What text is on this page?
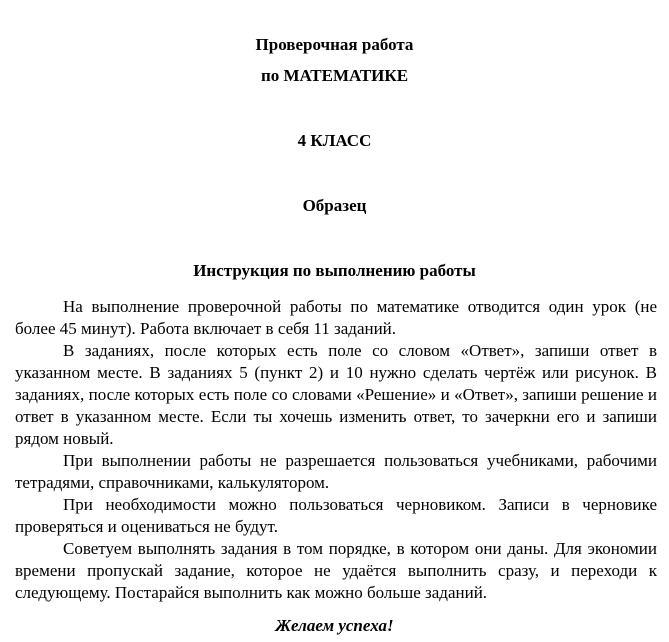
Проверочная работа
по МАТЕМАТИКЕ
4 КЛАСС
Образец
Инструкция по выполнению работы

На выполнение проверочной работы по математике отводится один урок (не более 45 минут). Работа включает в себя 11 заданий.

В заданиях, после которых есть поле со словом «Ответ», запиши ответ в указанном месте. В заданиях 5 (пункт 2) и 10 нужно сделать чертёж или рисунок. В заданиях, после которых есть поле со словами «Решение» и «Ответ», запиши решение и ответ в указанном месте. Если ты хочешь изменить ответ, то зачеркни его и запиши рядом новый.

При выполнении работы не разрешается пользоваться учебниками, рабочими тетрадями, справочниками, калькулятором.

При необходимости можно пользоваться черновиком. Записи в черновике проверяться и оцениваться не будут.

Советуем выполнять задания в том порядке, в котором они даны. Для экономии времени пропускай задание, которое не удаётся выполнить сразу, и переходи к следующему. Постарайся выполнить как можно больше заданий.

Желаем успеха!
